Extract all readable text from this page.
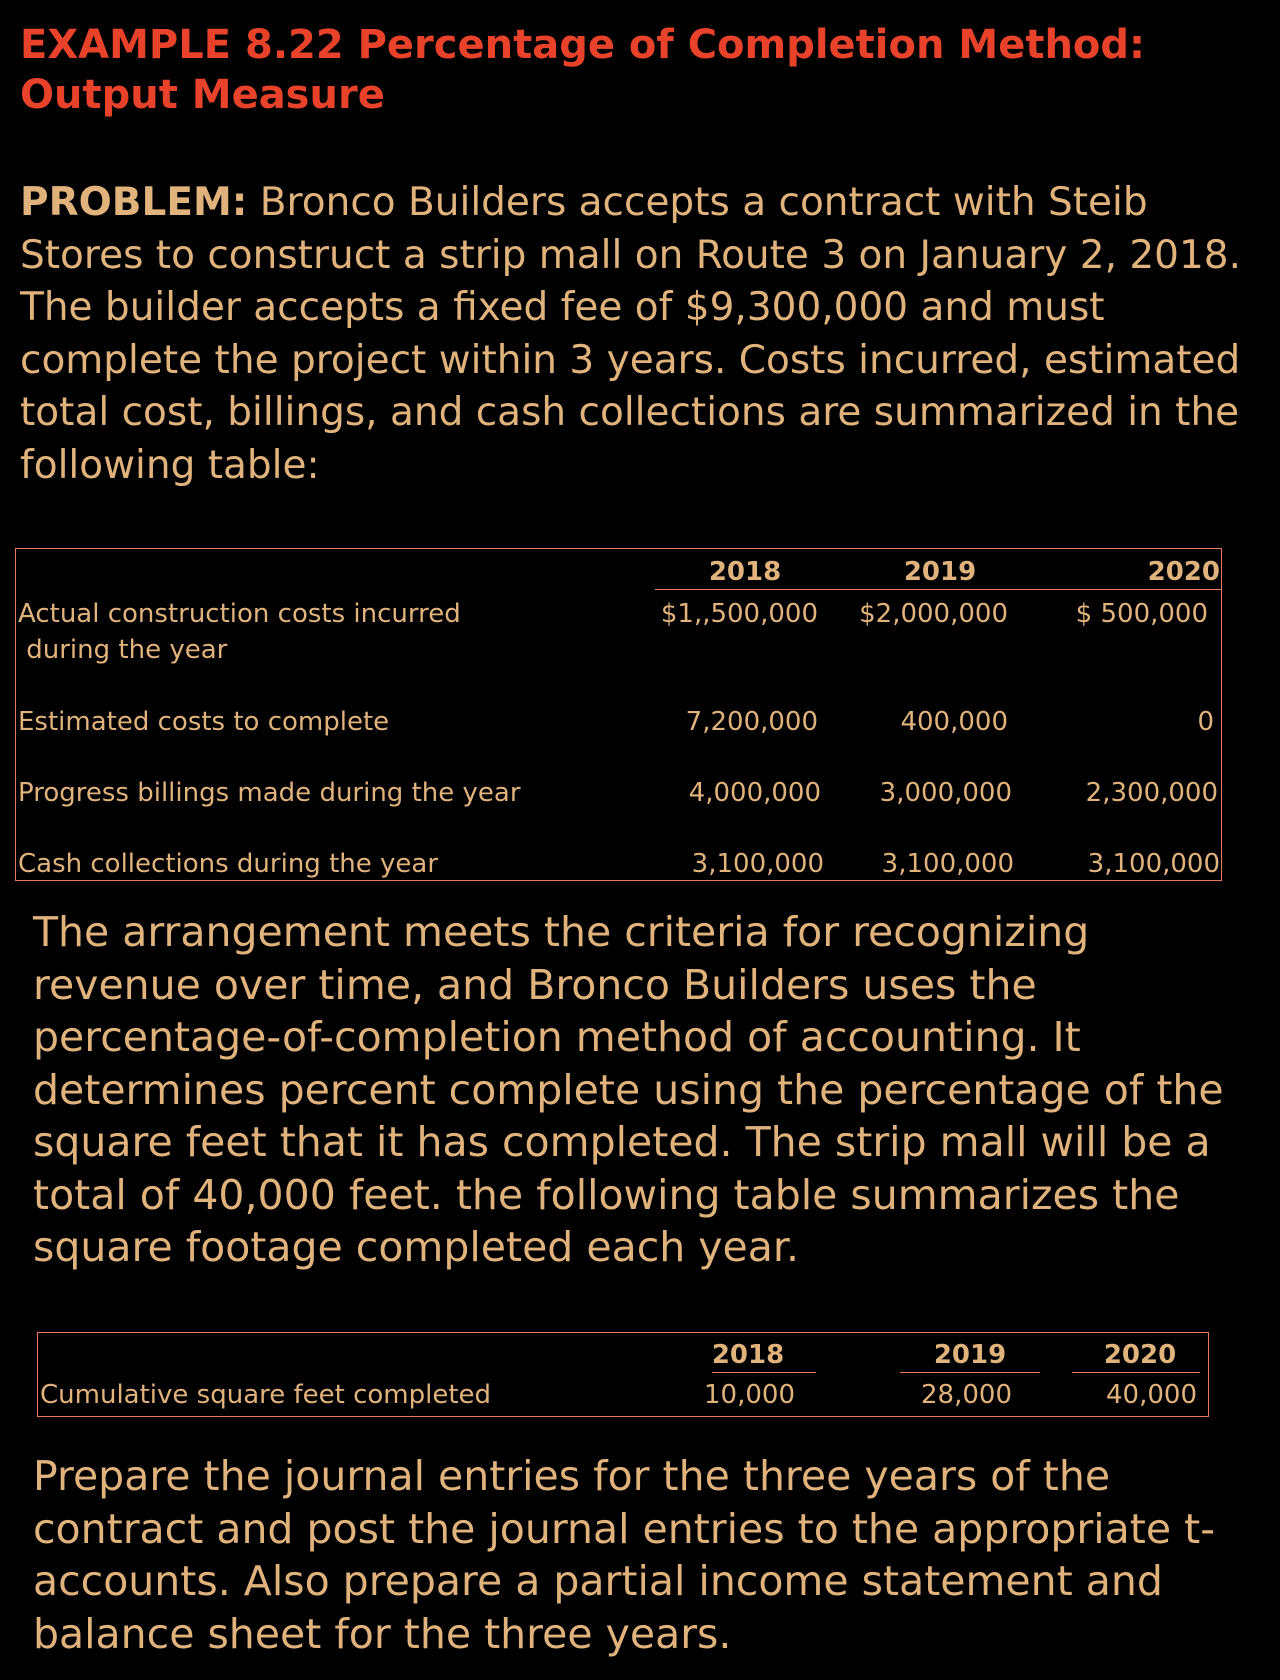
EXAMPLE 8.22 Percentage of Completion Method: Output Measure

PROBLEM: Bronco Builders accepts a contract with Steib Stores to construct a strip mall on Route 3 on January 2, 2018. The builder accepts a fixed fee of $9,300,000 and must complete the project within 3 years. Costs incurred, estimated total cost, billings, and cash collections are summarized in the following table:

2018	2019	2020
Actual construction costs incurred
during the year
$1,,500,000	$2,000,000	$ 500,000
Estimated costs to complete	7,200,000	400,000	0
Progress billings made during the year	4,000,000	3,000,000	2,300,000
Cash collections during the year	3,100,000	3,100,000	3,100,000

The arrangement meets the criteria for recognizing revenue over time, and Bronco Builders uses the percentage-of-completion method of accounting. It determines percent complete using the percentage of the square feet that it has completed. The strip mall will be a total of 40,000 feet. the following table summarizes the square footage completed each year.

2018	2019	2020
Cumulative square feet completed	10,000	28,000	40,000

Prepare the journal entries for the three years of the contract and post the journal entries to the appropriate t-accounts. Also prepare a partial income statement and balance sheet for the three years.
